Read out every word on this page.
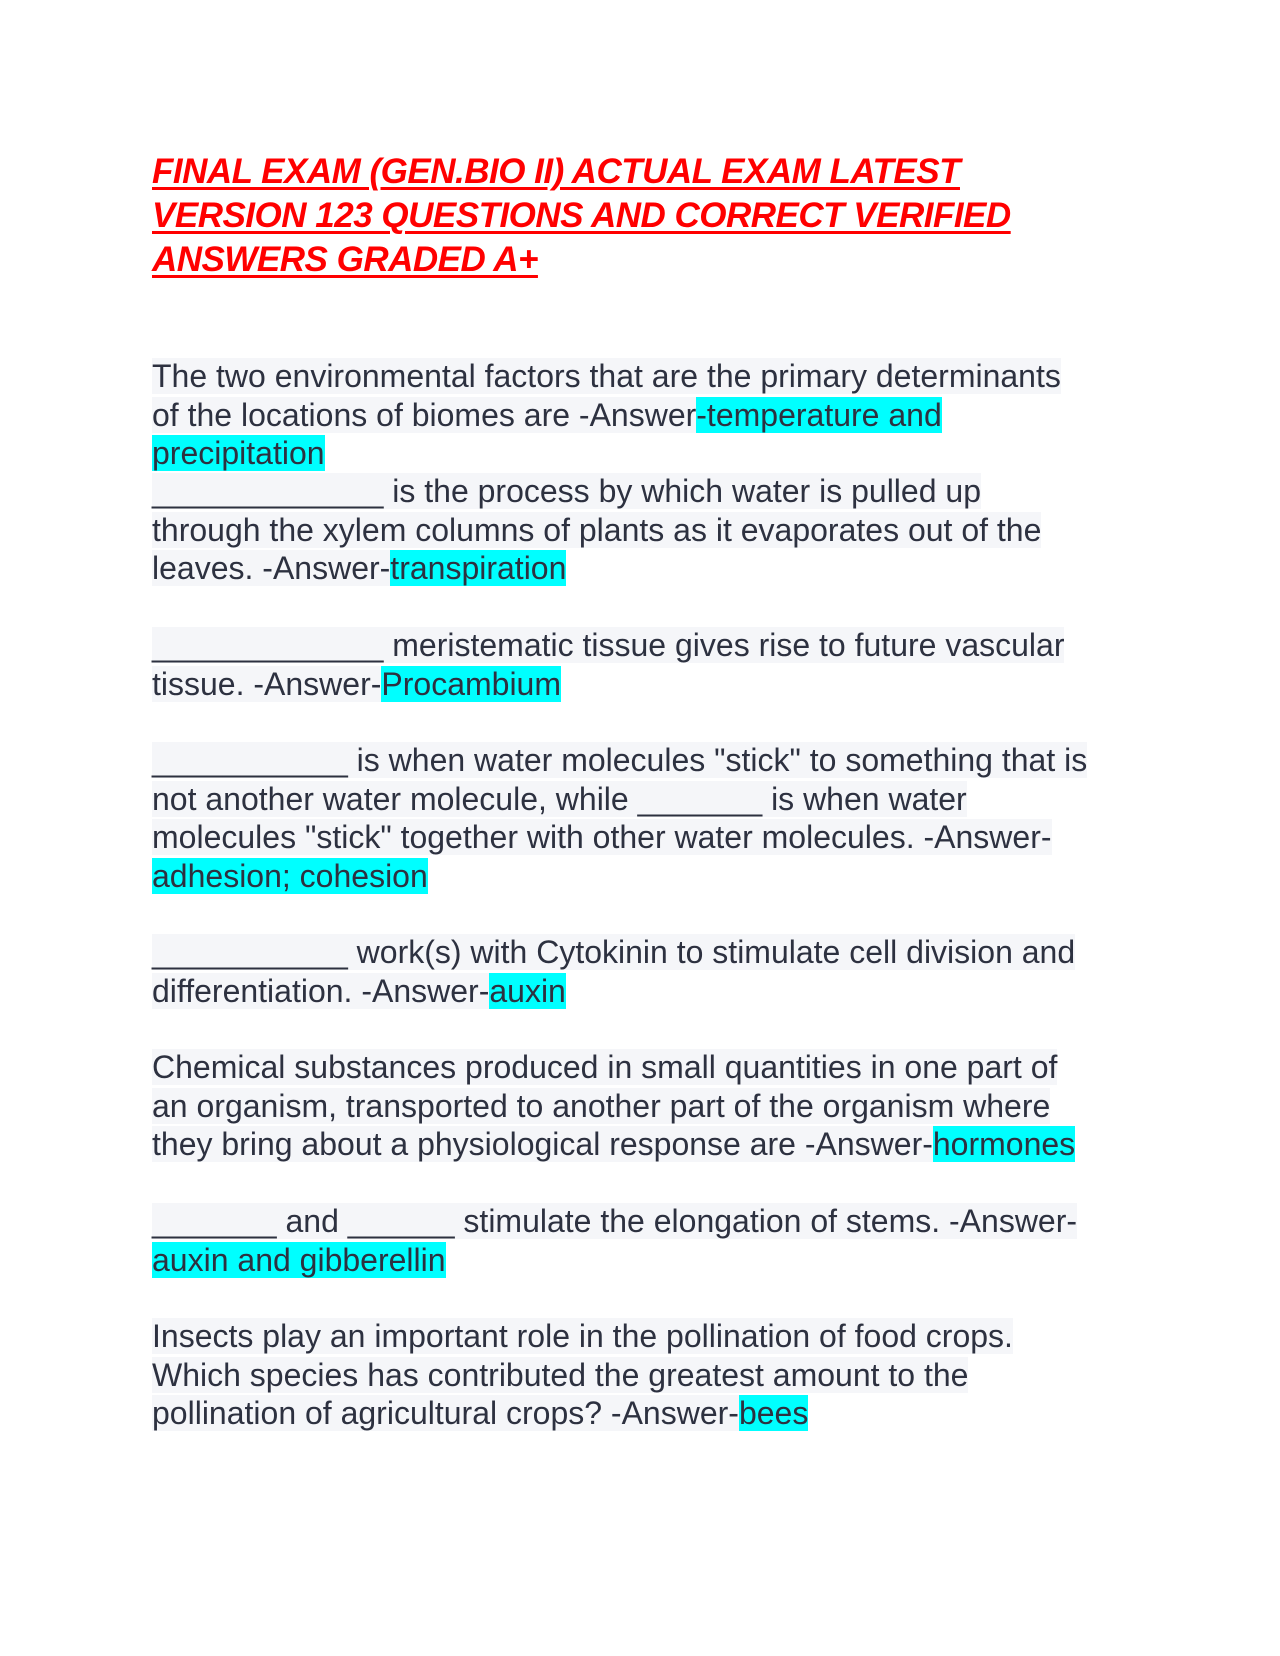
FINAL EXAM (GEN.BIO II) ACTUAL EXAM LATEST
VERSION 123 QUESTIONS AND CORRECT VERIFIED
ANSWERS GRADED A+
The two environmental factors that are the primary determinants
of the locations of biomes are -Answer-temperature and
precipitation
_____________ is the process by which water is pulled up
through the xylem columns of plants as it evaporates out of the
leaves. -Answer-transpiration
_____________ meristematic tissue gives rise to future vascular
tissue. -Answer-Procambium
___________ is when water molecules "stick" to something that is
not another water molecule, while _______ is when water
molecules "stick" together with other water molecules. -Answer-
adhesion; cohesion
___________ work(s) with Cytokinin to stimulate cell division and
differentiation. -Answer-auxin
Chemical substances produced in small quantities in one part of
an organism, transported to another part of the organism where
they bring about a physiological response are -Answer-hormones
_______ and ______ stimulate the elongation of stems. -Answer-
auxin and gibberellin
Insects play an important role in the pollination of food crops.
Which species has contributed the greatest amount to the
pollination of agricultural crops? -Answer-bees
